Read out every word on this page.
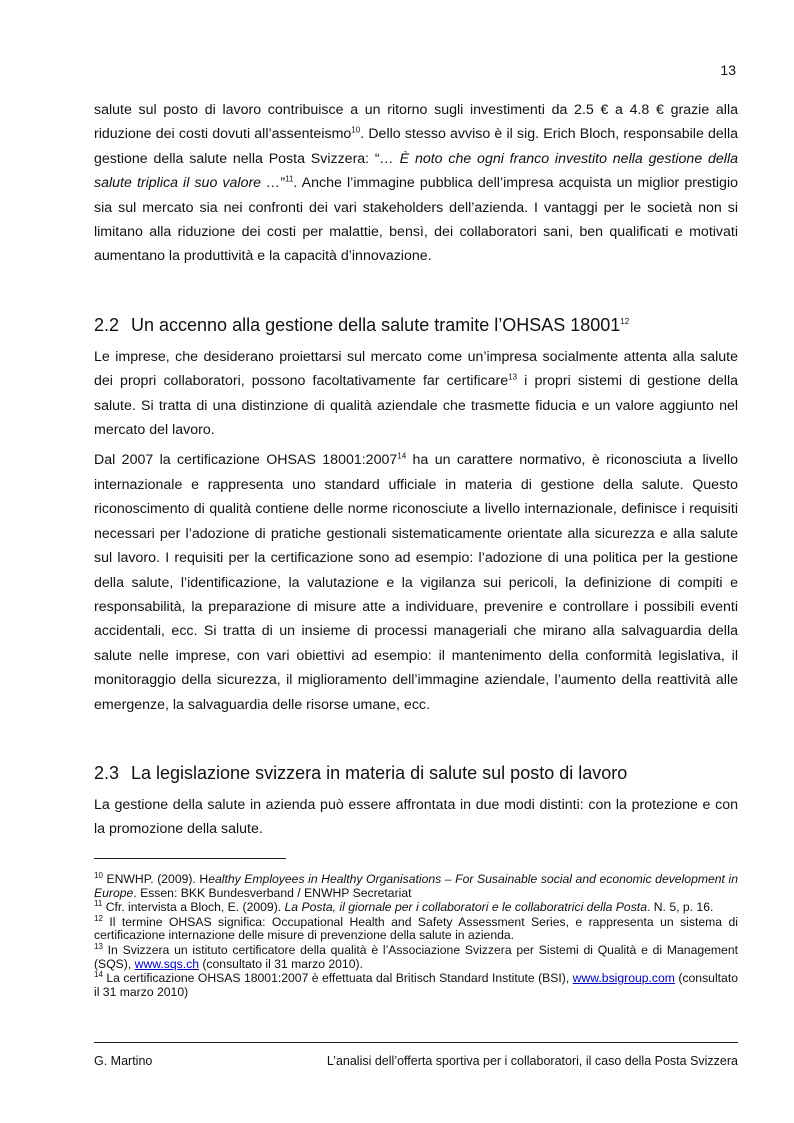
13

salute sul posto di lavoro contribuisce a un ritorno sugli investimenti da 2.5 € a 4.8 € grazie alla riduzione dei costi dovuti all’assenteismo$^{10}$. Dello stesso avviso è il sig. Erich Bloch, responsabile della gestione della salute nella Posta Svizzera: “… È noto che ogni franco investito nella gestione della salute triplica il suo valore …”$^{11}$. Anche l’immagine pubblica dell’impresa acquista un miglior prestigio sia sul mercato sia nei confronti dei vari stakeholders dell’azienda. I vantaggi per le società non si limitano alla riduzione dei costi per malattie, bensì, dei collaboratori sani, ben qualificati e motivati aumentano la produttività e la capacità d’innovazione.

2.2 Un accenno alla gestione della salute tramite l’OHSAS 18001$^{12}$

Le imprese, che desiderano proiettarsi sul mercato come un’impresa socialmente attenta alla salute dei propri collaboratori, possono facoltativamente far certificare$^{13}$ i propri sistemi di gestione della salute. Si tratta di una distinzione di qualità aziendale che trasmette fiducia e un valore aggiunto nel mercato del lavoro.

Dal 2007 la certificazione OHSAS 18001:2007$^{14}$ ha un carattere normativo, è riconosciuta a livello internazionale e rappresenta uno standard ufficiale in materia di gestione della salute. Questo riconoscimento di qualità contiene delle norme riconosciute a livello internazionale, definisce i requisiti necessari per l’adozione di pratiche gestionali sistematicamente orientate alla sicurezza e alla salute sul lavoro. I requisiti per la certificazione sono ad esempio: l’adozione di una politica per la gestione della salute, l’identificazione, la valutazione e la vigilanza sui pericoli, la definizione di compiti e responsabilità, la preparazione di misure atte a individuare, prevenire e controllare i possibili eventi accidentali, ecc. Si tratta di un insieme di processi manageriali che mirano alla salvaguardia della salute nelle imprese, con vari obiettivi ad esempio: il mantenimento della conformità legislativa, il monitoraggio della sicurezza, il miglioramento dell’immagine aziendale, l’aumento della reattività alle emergenze, la salvaguardia delle risorse umane, ecc.

2.3 La legislazione svizzera in materia di salute sul posto di lavoro

La gestione della salute in azienda può essere affrontata in due modi distinti: con la protezione e con la promozione della salute.

$^{10}$ ENWHP. (2009). Healthy Employees in Healthy Organisations – For Susainable social and economic development in Europe. Essen: BKK Bundesverband / ENWHP Secretariat

$^{11}$ Cfr. intervista a Bloch, E. (2009). La Posta, il giornale per i collaboratori e le collaboratrici della Posta. N. 5, p. 16.

$^{12}$ Il termine OHSAS significa: Occupational Health and Safety Assessment Series, e rappresenta un sistema di certificazione internazione delle misure di prevenzione della salute in azienda.

$^{13}$ In Svizzera un istituto certificatore della qualità è l’Associazione Svizzera per Sistemi di Qualità e di Management (SQS), www.sqs.ch (consultato il 31 marzo 2010).

$^{14}$ La certificazione OHSAS 18001:2007 è effettuata dal Britisch Standard Institute (BSI), www.bsigroup.com (consultato il 31 marzo 2010)

G. Martino	L’analisi dell’offerta sportiva per i collaboratori, il caso della Posta Svizzera
